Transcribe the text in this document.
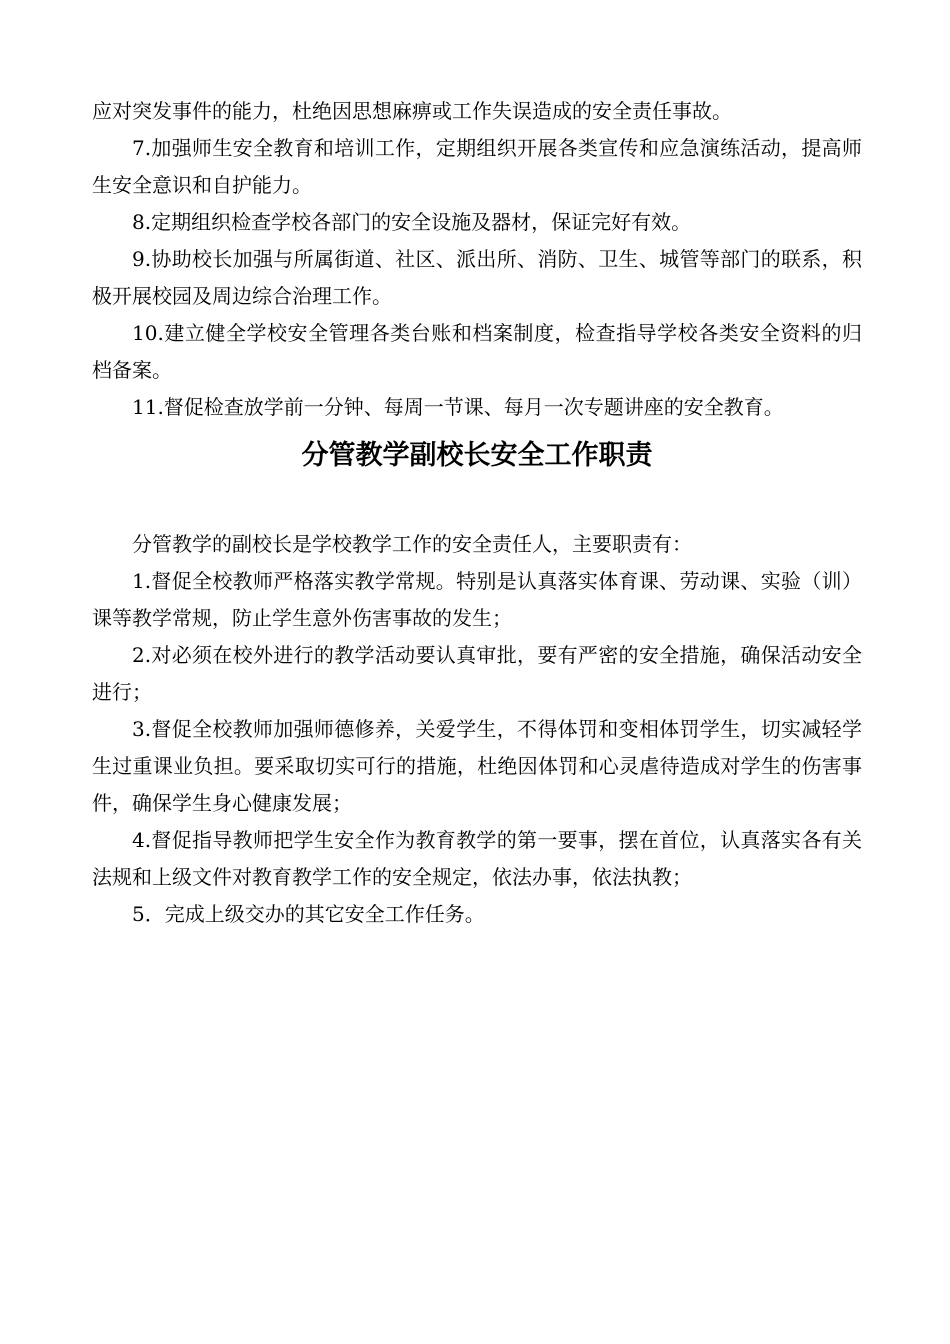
应对突发事件的能力，杜绝因思想麻痹或工作失误造成的安全责任事故。

7.加强师生安全教育和培训工作，定期组织开展各类宣传和应急演练活动，提高师生安全意识和自护能力。

8.定期组织检查学校各部门的安全设施及器材，保证完好有效。

9.协助校长加强与所属街道、社区、派出所、消防、卫生、城管等部门的联系，积极开展校园及周边综合治理工作。

10.建立健全学校安全管理各类台账和档案制度，检查指导学校各类安全资料的归档备案。

11.督促检查放学前一分钟、每周一节课、每月一次专题讲座的安全教育。

分管教学副校长安全工作职责

分管教学的副校长是学校教学工作的安全责任人，主要职责有：

1.督促全校教师严格落实教学常规。特别是认真落实体育课、劳动课、实验（训）课等教学常规，防止学生意外伤害事故的发生；

2.对必须在校外进行的教学活动要认真审批，要有严密的安全措施，确保活动安全进行；

3.督促全校教师加强师德修养，关爱学生，不得体罚和变相体罚学生，切实减轻学生过重课业负担。要采取切实可行的措施，杜绝因体罚和心灵虐待造成对学生的伤害事件，确保学生身心健康发展；

4.督促指导教师把学生安全作为教育教学的第一要事，摆在首位，认真落实各有关法规和上级文件对教育教学工作的安全规定，依法办事，依法执教；

5．完成上级交办的其它安全工作任务。
